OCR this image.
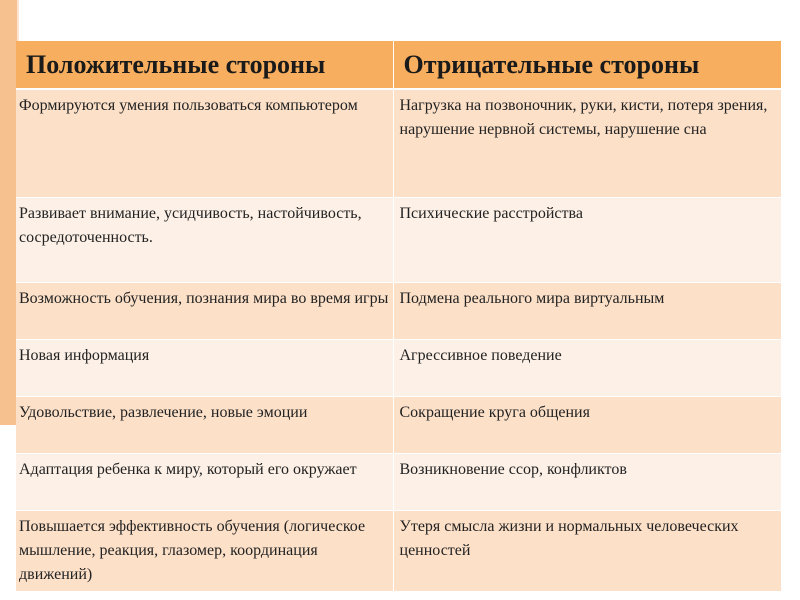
Положительные стороны	Отрицательные стороны
Формируются умения пользоваться компьютером	Нагрузка на позвоночник, руки, кисти, потеря зрения, нарушение нервной системы, нарушение сна
Развивает внимание, усидчивость, настойчивость, сосредоточенность.	Психические расстройства
Возможность обучения, познания мира во время игры	Подмена реального мира виртуальным
Новая информация	Агрессивное поведение
Удовольствие, развлечение, новые эмоции	Сокращение круга общения
Адаптация ребенка к миру, который его окружает	Возникновение ссор, конфликтов
Повышается эффективность обучения (логическое мышление, реакция, глазомер, координация движений)	Утеря смысла жизни и нормальных человеческих ценностей
